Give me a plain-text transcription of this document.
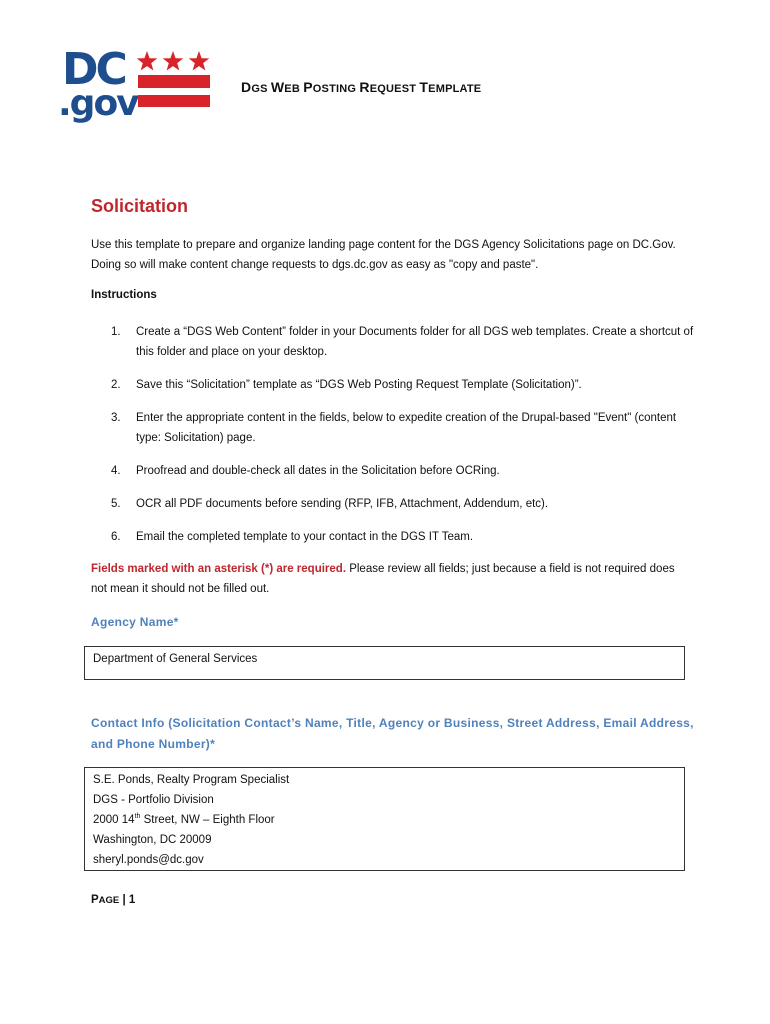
DC
.gov	DGS WEB POSTING REQUEST TEMPLATE
Solicitation
Use this template to prepare and organize landing page content for the DGS Agency Solicitations page on DC.Gov. Doing so will make content change requests to dgs.dc.gov as easy as "copy and paste".
Instructions
1. Create a “DGS Web Content” folder in your Documents folder for all DGS web templates. Create a shortcut of this folder and place on your desktop.
2. Save this “Solicitation” template as “DGS Web Posting Request Template (Solicitation)”.
3. Enter the appropriate content in the fields, below to expedite creation of the Drupal-based "Event" (content type: Solicitation) page.
4. Proofread and double-check all dates in the Solicitation before OCRing.
5. OCR all PDF documents before sending (RFP, IFB, Attachment, Addendum, etc).
6. Email the completed template to your contact in the DGS IT Team.
Fields marked with an asterisk (*) are required. Please review all fields; just because a field is not required does not mean it should not be filled out.
Agency Name*
Department of General Services
Contact Info (Solicitation Contact’s Name, Title, Agency or Business, Street Address, Email Address, and Phone Number)*
S.E. Ponds, Realty Program Specialist
DGS - Portfolio Division
2000 14th Street, NW – Eighth Floor
Washington, DC 20009
sheryl.ponds@dc.gov
PAGE | 1
